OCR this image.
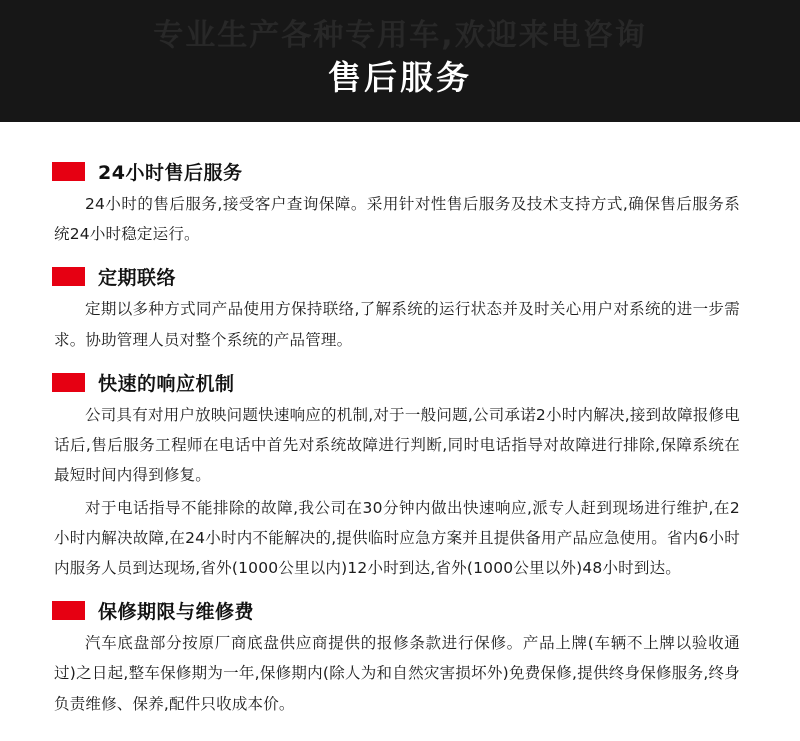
专业生产各种专用车,欢迎来电咨询
售后服务
24小时售后服务

24小时的售后服务,接受客户查询保障。采用针对性售后服务及技术支持方式,确保售后服务系统24小时稳定运行。

定期联络

定期以多种方式同产品使用方保持联络,了解系统的运行状态并及时关心用户对系统的进一步需求。协助管理人员对整个系统的产品管理。

快速的响应机制

公司具有对用户放映问题快速响应的机制,对于一般问题,公司承诺2小时内解决,接到故障报修电话后,售后服务工程师在电话中首先对系统故障进行判断,同时电话指导对故障进行排除,保障系统在最短时间内得到修复。

对于电话指导不能排除的故障,我公司在30分钟内做出快速响应,派专人赶到现场进行维护,在2小时内解决故障,在24小时内不能解决的,提供临时应急方案并且提供备用产品应急使用。省内6小时内服务人员到达现场,省外(1000公里以内)12小时到达,省外(1000公里以外)48小时到达。

保修期限与维修费

汽车底盘部分按原厂商底盘供应商提供的报修条款进行保修。产品上牌(车辆不上牌以验收通过)之日起,整车保修期为一年,保修期内(除人为和自然灾害损坏外)免费保修,提供终身保修服务,终身负责维修、保养,配件只收成本价。
